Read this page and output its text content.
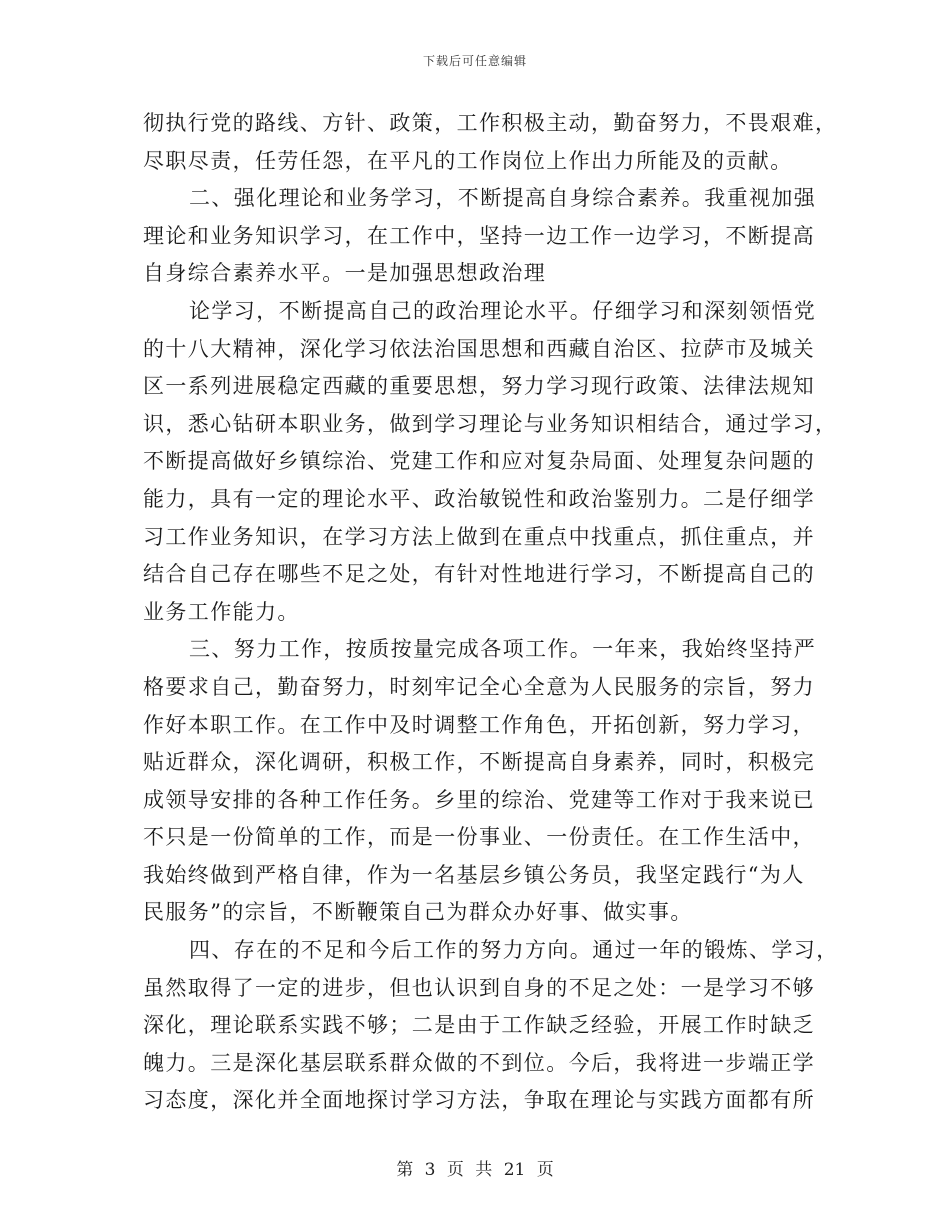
下载后可任意编辑
彻执行党的路线、方针、政策，工作积极主动，勤奋努力，不畏艰难，
尽职尽责，任劳任怨，在平凡的工作岗位上作出力所能及的贡献。
二、强化理论和业务学习，不断提高自身综合素养。我重视加强
理论和业务知识学习，在工作中，坚持一边工作一边学习，不断提高
自身综合素养水平。一是加强思想政治理
论学习，不断提高自己的政治理论水平。仔细学习和深刻领悟党
的十八大精神，深化学习依法治国思想和西藏自治区、拉萨市及城关
区一系列进展稳定西藏的重要思想，努力学习现行政策、法律法规知
识，悉心钻研本职业务，做到学习理论与业务知识相结合，通过学习，
不断提高做好乡镇综治、党建工作和应对复杂局面、处理复杂问题的
能力，具有一定的理论水平、政治敏锐性和政治鉴别力。二是仔细学
习工作业务知识，在学习方法上做到在重点中找重点，抓住重点，并
结合自己存在哪些不足之处，有针对性地进行学习，不断提高自己的
业务工作能力。
三、努力工作，按质按量完成各项工作。一年来，我始终坚持严
格要求自己，勤奋努力，时刻牢记全心全意为人民服务的宗旨，努力
作好本职工作。在工作中及时调整工作角色，开拓创新，努力学习，
贴近群众，深化调研，积极工作，不断提高自身素养，同时，积极完
成领导安排的各种工作任务。乡里的综治、党建等工作对于我来说已
不只是一份简单的工作，而是一份事业、一份责任。在工作生活中，
我始终做到严格自律，作为一名基层乡镇公务员，我坚定践行“为人
民服务”的宗旨，不断鞭策自己为群众办好事、做实事。
四、存在的不足和今后工作的努力方向。通过一年的锻炼、学习，
虽然取得了一定的进步，但也认识到自身的不足之处：一是学习不够
深化，理论联系实践不够；二是由于工作缺乏经验，开展工作时缺乏
魄力。三是深化基层联系群众做的不到位。今后，我将进一步端正学
习态度，深化并全面地探讨学习方法，争取在理论与实践方面都有所
第 3 页 共 21 页
